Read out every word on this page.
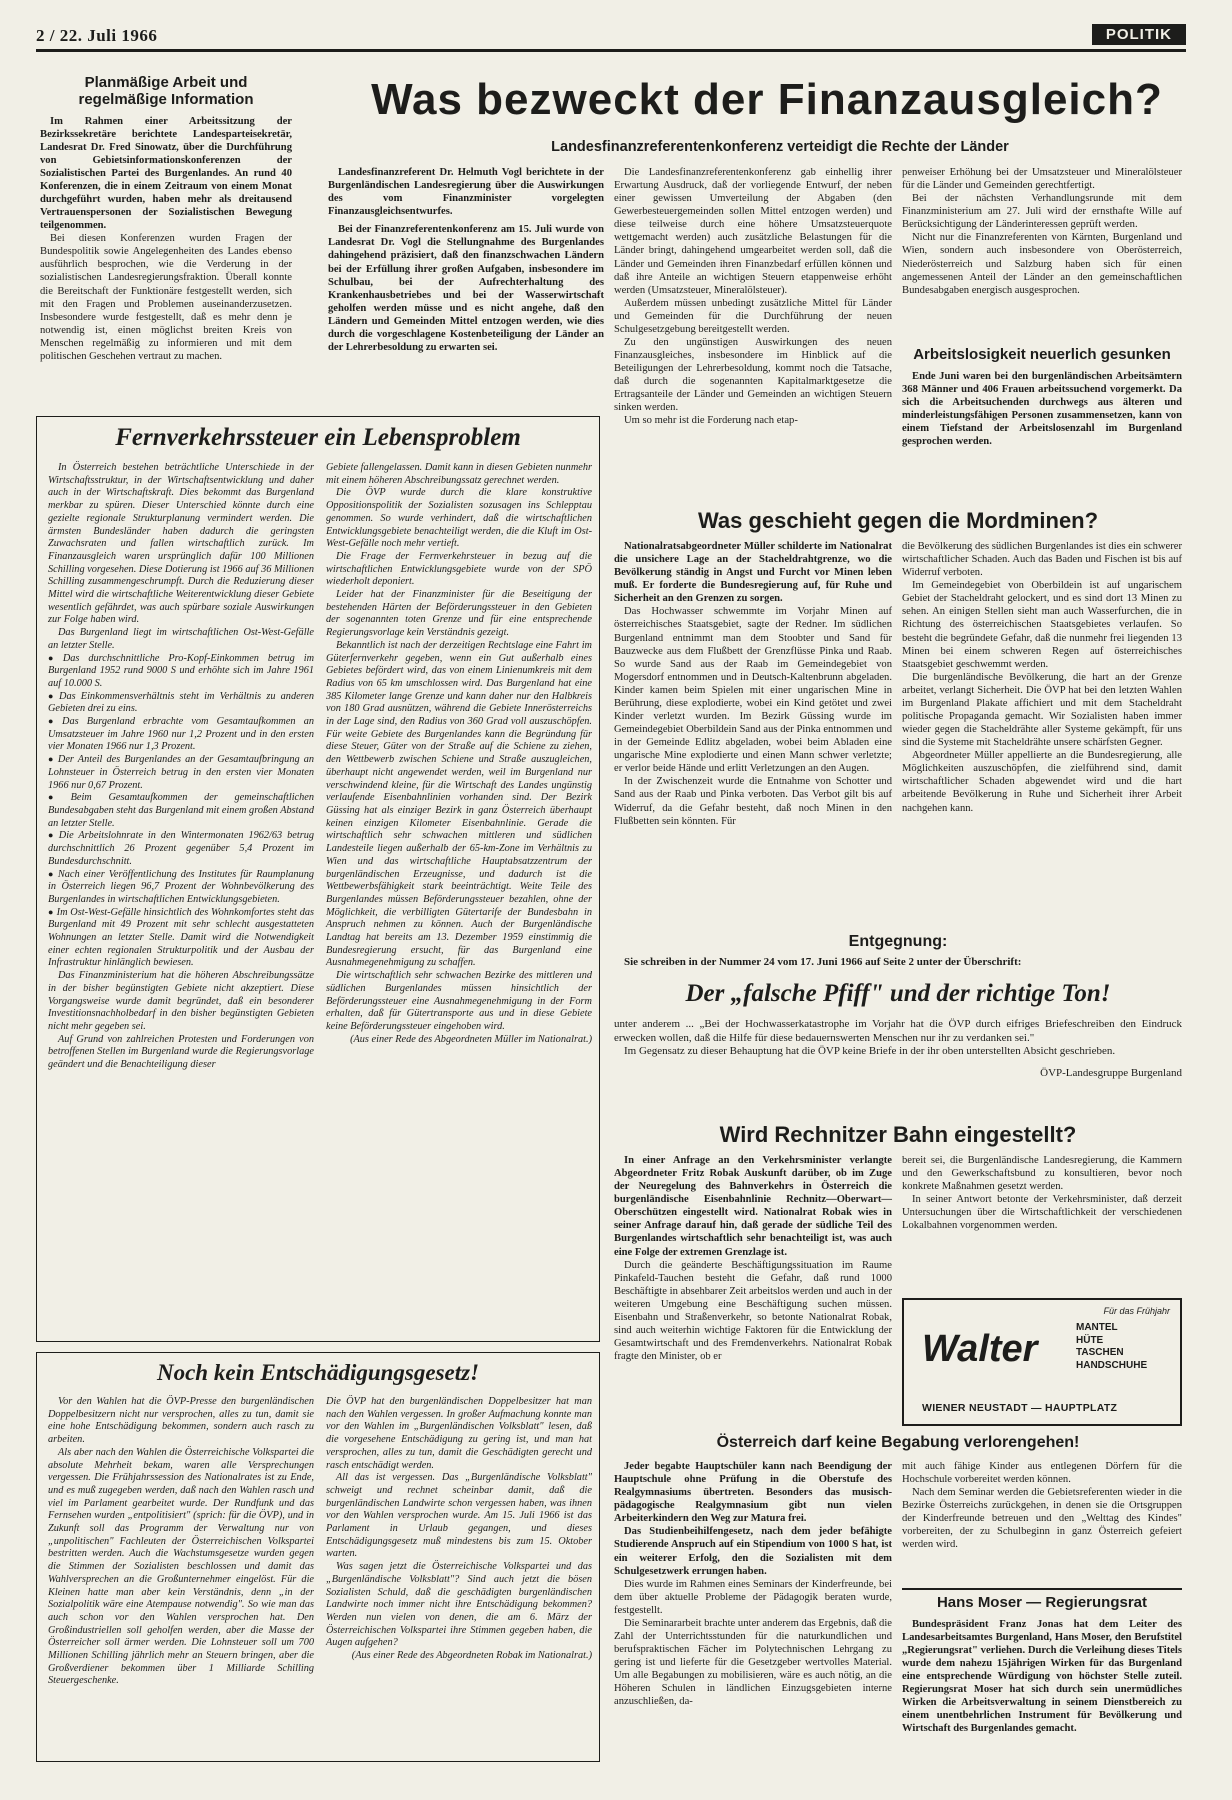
2 / 22. Juli 1966	POLITIK
Planmäßige Arbeit und regelmäßige Information

Im Rahmen einer Arbeitssitzung der Bezirkssekretäre berichtete Landesparteisekretär, Landesrat Dr. Fred Sinowatz, über die Durchführung von Gebietsinformationskonferenzen der Sozialistischen Partei des Burgenlandes. An rund 40 Konferenzen, die in einem Zeitraum von einem Monat durchgeführt wurden, haben mehr als dreitausend Vertrauenspersonen der Sozialistischen Bewegung teilgenommen.

Bei diesen Konferenzen wurden Fragen der Bundespolitik sowie Angelegenheiten des Landes ebenso ausführlich besprochen, wie die Verderung in der sozialistischen Landesregierungsfraktion. Überall konnte die Bereitschaft der Funktionäre festgestellt werden, sich mit den Fragen und Problemen auseinanderzusetzen. Insbesondere wurde festgestellt, daß es mehr denn je notwendig ist, einen möglichst breiten Kreis von Menschen regelmäßig zu informieren und mit dem politischen Geschehen vertraut zu machen.

Was bezweckt der Finanzausgleich?
Landesfinanzreferentenkonferenz verteidigt die Rechte der Länder

Landesfinanzreferent Dr. Helmuth Vogl berichtete in der Burgenländischen Landesregierung über die Auswirkungen des vom Finanzminister vorgelegten Finanzausgleichsentwurfes.

Bei der Finanzreferentenkonferenz am 15. Juli wurde von Landesrat Dr. Vogl die Stellungnahme des Burgenlandes dahingehend präzisiert, daß den finanzschwachen Ländern bei der Erfüllung ihrer großen Aufgaben, insbesondere im Schulbau, bei der Aufrechterhaltung des Krankenhausbetriebes und bei der Wasserwirtschaft geholfen werden müsse und es nicht angehe, daß den Ländern und Gemeinden Mittel entzogen werden, wie dies durch die vorgeschlagene Kostenbeteiligung der Länder an der Lehrerbesoldung zu erwarten sei.

Die Landesfinanzreferentenkonferenz gab einhellig ihrer Erwartung Ausdruck, daß der vorliegende Entwurf, der neben einer gewissen Umverteilung der Abgaben (den Gewerbesteuergemeinden sollen Mittel entzogen werden) und diese teilweise durch eine höhere Umsatzsteuerquote wettgemacht werden) auch zusätzliche Belastungen für die Länder bringt, dahingehend umgearbeitet werden soll, daß die Länder und Gemeinden ihren Finanzbedarf erfüllen können und daß ihre Anteile an wichtigen Steuern etappenweise erhöht werden (Umsatzsteuer, Mineralölsteuer).

Außerdem müssen unbedingt zusätzliche Mittel für Länder und Gemeinden für die Durchführung der neuen Schulgesetzgebung bereitgestellt werden.

Zu den ungünstigen Auswirkungen des neuen Finanzausgleiches, insbesondere im Hinblick auf die Beteiligungen der Lehrerbesoldung, kommt noch die Tatsache, daß durch die sogenannten Kapitalmarktgesetze die Ertragsanteile der Länder und Gemeinden an wichtigen Steuern sinken werden.

Um so mehr ist die Forderung nach etap-

penweiser Erhöhung bei der Umsatzsteuer und Mineralölsteuer für die Länder und Gemeinden gerechtfertigt.

Bei der nächsten Verhandlungsrunde mit dem Finanzministerium am 27. Juli wird der ernsthafte Wille auf Berücksichtigung der Länderinteressen geprüft werden.

Nicht nur die Finanzreferenten von Kärnten, Burgenland und Wien, sondern auch insbesondere von Oberösterreich, Niederösterreich und Salzburg haben sich für einen angemessenen Anteil der Länder an den gemeinschaftlichen Bundesabgaben energisch ausgesprochen.

Arbeitslosigkeit neuerlich gesunken

Ende Juni waren bei den burgenländischen Arbeitsämtern 368 Männer und 406 Frauen arbeitssuchend vorgemerkt. Da sich die Arbeitsuchenden durchwegs aus älteren und minderleistungsfähigen Personen zusammensetzen, kann von einem Tiefstand der Arbeitslosenzahl im Burgenland gesprochen werden.

Fernverkehrssteuer ein Lebensproblem

In Österreich bestehen beträchtliche Unterschiede in der Wirtschaftsstruktur, in der Wirtschaftsentwicklung und daher auch in der Wirtschaftskraft. Dies bekommt das Burgenland merkbar zu spüren. Dieser Unterschied könnte durch eine gezielte regionale Strukturplanung vermindert werden. Die ärmsten Bundesländer haben dadurch die geringsten Zuwachsraten und fallen wirtschaftlich zurück. Im Finanzausgleich waren ursprünglich dafür 100 Millionen Schilling vorgesehen. Diese Dotierung ist 1966 auf 36 Millionen Schilling zusammengeschrumpft. Durch die Reduzierung dieser Mittel wird die wirtschaftliche Weiterentwicklung dieser Gebiete wesentlich gefährdet, was auch spürbare soziale Auswirkungen zur Folge haben wird.

Das Burgenland liegt im wirtschaftlichen Ost-West-Gefälle an letzter Stelle.

● Das durchschnittliche Pro-Kopf-Einkommen betrug im Burgenland 1952 rund 9000 S und erhöhte sich im Jahre 1961 auf 10.000 S.
● Das Einkommensverhältnis steht im Verhältnis zu anderen Gebieten drei zu eins.
● Das Burgenland erbrachte vom Gesamtaufkommen an Umsatzsteuer im Jahre 1960 nur 1,2 Prozent und in den ersten vier Monaten 1966 nur 1,3 Prozent.
● Der Anteil des Burgenlandes an der Gesamtaufbringung an Lohnsteuer in Österreich betrug in den ersten vier Monaten 1966 nur 0,67 Prozent.
● Beim Gesamtaufkommen der gemeinschaftlichen Bundesabgaben steht das Burgenland mit einem großen Abstand an letzter Stelle.
● Die Arbeitslohnrate in den Wintermonaten 1962/63 betrug durchschnittlich 26 Prozent gegenüber 5,4 Prozent im Bundesdurchschnitt.
● Nach einer Veröffentlichung des Institutes für Raumplanung in Österreich liegen 96,7 Prozent der Wohnbevölkerung des Burgenlandes in wirtschaftlichen Entwicklungsgebieten.
● Im Ost-West-Gefälle hinsichtlich des Wohnkomfortes steht das Burgenland mit 49 Prozent mit sehr schlecht ausgestatteten Wohnungen an letzter Stelle. Damit wird die Notwendigkeit einer echten regionalen Strukturpolitik und der Ausbau der Infrastruktur hinlänglich bewiesen.

Das Finanzministerium hat die höheren Abschreibungssätze in der bisher begünstigten Gebiete nicht akzeptiert. Diese Vorgangsweise wurde damit begründet, daß ein besonderer Investitionsnachholbedarf in den bisher begünstigten Gebieten nicht mehr gegeben sei.

Auf Grund von zahlreichen Protesten und Forderungen von betroffenen Stellen im Burgenland wurde die Regierungsvorlage geändert und die Benachteiligung dieser

Gebiete fallengelassen. Damit kann in diesen Gebieten nunmehr mit einem höheren Abschreibungssatz gerechnet werden.

Die ÖVP wurde durch die klare konstruktive Oppositionspolitik der Sozialisten sozusagen ins Schlepptau genommen. So wurde verhindert, daß die wirtschaftlichen Entwicklungsgebiete benachteiligt werden, die die Kluft im Ost-West-Gefälle noch mehr vertieft.

Die Frage der Fernverkehrsteuer in bezug auf die wirtschaftlichen Entwicklungsgebiete wurde von der SPÖ wiederholt deponiert.

Leider hat der Finanzminister für die Beseitigung der bestehenden Härten der Beförderungssteuer in den Gebieten der sogenannten toten Grenze und für eine entsprechende Regierungsvorlage kein Verständnis gezeigt.

Bekanntlich ist nach der derzeitigen Rechtslage eine Fahrt im Güterfernverkehr gegeben, wenn ein Gut außerhalb eines Gebietes befördert wird, das von einem Linienumkreis mit dem Radius von 65 km umschlossen wird. Das Burgenland hat eine 385 Kilometer lange Grenze und kann daher nur den Halbkreis von 180 Grad ausnützen, während die Gebiete Innerösterreichs in der Lage sind, den Radius von 360 Grad voll auszuschöpfen. Für weite Gebiete des Burgenlandes kann die Begründung für diese Steuer, Güter von der Straße auf die Schiene zu ziehen, den Wettbewerb zwischen Schiene und Straße auszugleichen, überhaupt nicht angewendet werden, weil im Burgenland nur verschwindend kleine, für die Wirtschaft des Landes ungünstig verlaufende Eisenbahnlinien vorhanden sind. Der Bezirk Güssing hat als einziger Bezirk in ganz Österreich überhaupt keinen einzigen Kilometer Eisenbahnlinie. Gerade die wirtschaftlich sehr schwachen mittleren und südlichen Landesteile liegen außerhalb der 65-km-Zone im Verhältnis zu Wien und das wirtschaftliche Hauptabsatzzentrum der burgenländischen Erzeugnisse, und dadurch ist die Wettbewerbsfähigkeit stark beeinträchtigt. Weite Teile des Burgenlandes müssen Beförderungssteuer bezahlen, ohne der Möglichkeit, die verbilligten Gütertarife der Bundesbahn in Anspruch nehmen zu können. Auch der Burgenländische Landtag hat bereits am 13. Dezember 1959 einstimmig die Bundesregierung ersucht, für das Burgenland eine Ausnahmegenehmigung zu schaffen.

Die wirtschaftlich sehr schwachen Bezirke des mittleren und südlichen Burgenlandes müssen hinsichtlich der Beförderungssteuer eine Ausnahmegenehmigung in der Form erhalten, daß für Gütertransporte aus und in diese Gebiete keine Beförderungssteuer eingehoben wird.

(Aus einer Rede des Abgeordneten Müller im Nationalrat.)

Was geschieht gegen die Mordminen?

Nationalratsabgeordneter Müller schilderte im Nationalrat die unsichere Lage an der Stacheldrahtgrenze, wo die Bevölkerung ständig in Angst und Furcht vor Minen leben muß. Er forderte die Bundesregierung auf, für Ruhe und Sicherheit an den Grenzen zu sorgen.

Das Hochwasser schwemmte im Vorjahr Minen auf österreichisches Staatsgebiet, sagte der Redner. Im südlichen Burgenland entnimmt man dem Stoobter und Sand für Bauzwecke aus dem Flußbett der Grenzflüsse Pinka und Raab. So wurde Sand aus der Raab im Gemeindegebiet von Mogersdorf entnommen und in Deutsch-Kaltenbrunn abgeladen. Kinder kamen beim Spielen mit einer ungarischen Mine in Berührung, diese explodierte, wobei ein Kind getötet und zwei Kinder verletzt wurden. Im Bezirk Güssing wurde im Gemeindegebiet Oberbildein Sand aus der Pinka entnommen und in der Gemeinde Edlitz abgeladen, wobei beim Abladen eine ungarische Mine explodierte und einen Mann schwer verletzte; er verlor beide Hände und erlitt Verletzungen an den Augen.

In der Zwischenzeit wurde die Entnahme von Schotter und Sand aus der Raab und Pinka verboten. Das Verbot gilt bis auf Widerruf, da die Gefahr besteht, daß noch Minen in den Flußbetten sein könnten. Für

die Bevölkerung des südlichen Burgenlandes ist dies ein schwerer wirtschaftlicher Schaden. Auch das Baden und Fischen ist bis auf Widerruf verboten.

Im Gemeindegebiet von Oberbildein ist auf ungarischem Gebiet der Stacheldraht gelockert, und es sind dort 13 Minen zu sehen. An einigen Stellen sieht man auch Wasserfurchen, die in Richtung des österreichischen Staatsgebietes verlaufen. So besteht die begründete Gefahr, daß die nunmehr frei liegenden 13 Minen bei einem schweren Regen auf österreichisches Staatsgebiet geschwemmt werden.

Die burgenländische Bevölkerung, die hart an der Grenze arbeitet, verlangt Sicherheit. Die ÖVP hat bei den letzten Wahlen im Burgenland Plakate affichiert und mit dem Stacheldraht politische Propaganda gemacht. Wir Sozialisten haben immer wieder gegen die Stacheldrähte aller Systeme gekämpft, für uns sind die Systeme mit Stacheldrähte unsere schärfsten Gegner.

Abgeordneter Müller appellierte an die Bundesregierung, alle Möglichkeiten auszuschöpfen, die zielführend sind, damit wirtschaftlicher Schaden abgewendet wird und die hart arbeitende Bevölkerung in Ruhe und Sicherheit ihrer Arbeit nachgehen kann.

Entgegnung:

Sie schreiben in der Nummer 24 vom 17. Juni 1966 auf Seite 2 unter der Überschrift:

Der „falsche Pfiff" und der richtige Ton!

unter anderem ... „Bei der Hochwasserkatastrophe im Vorjahr hat die ÖVP durch eifriges Briefeschreiben den Eindruck erwecken wollen, daß die Hilfe für diese bedauernswerten Menschen nur ihr zu verdanken sei."

Im Gegensatz zu dieser Behauptung hat die ÖVP keine Briefe in der ihr oben unterstellten Absicht geschrieben.

ÖVP-Landesgruppe Burgenland

Wird Rechnitzer Bahn eingestellt?

In einer Anfrage an den Verkehrsminister verlangte Abgeordneter Fritz Robak Auskunft darüber, ob im Zuge der Neuregelung des Bahnverkehrs in Österreich die burgenländische Eisenbahnlinie Rechnitz—Oberwart—Oberschützen eingestellt wird. Nationalrat Robak wies in seiner Anfrage darauf hin, daß gerade der südliche Teil des Burgenlandes wirtschaftlich sehr benachteiligt ist, was auch eine Folge der extremen Grenzlage ist.

Durch die geänderte Beschäftigungssituation im Raume Pinkafeld-Tauchen besteht die Gefahr, daß rund 1000 Beschäftigte in absehbarer Zeit arbeitslos werden und auch in der weiteren Umgebung eine Beschäftigung suchen müssen. Eisenbahn und Straßenverkehr, so betonte Nationalrat Robak, sind auch weiterhin wichtige Faktoren für die Entwicklung der Gesamtwirtschaft und des Fremdenverkehrs. Nationalrat Robak fragte den Minister, ob er

bereit sei, die Burgenländische Landesregierung, die Kammern und den Gewerkschaftsbund zu konsultieren, bevor noch konkrete Maßnahmen gesetzt werden.

In seiner Antwort betonte der Verkehrsminister, daß derzeit Untersuchungen über die Wirtschaftlichkeit der verschiedenen Lokalbahnen vorgenommen werden.

Für das Frühjahr
Walter
MANTEL
HÜTE
TASCHEN
HANDSCHUHE
WIENER NEUSTADT — HAUPTPLATZ
Noch kein Entschädigungsgesetz!

Vor den Wahlen hat die ÖVP-Presse den burgenländischen Doppelbesitzern nicht nur versprochen, alles zu tun, damit sie eine hohe Entschädigung bekommen, sondern auch rasch zu arbeiten.

Als aber nach den Wahlen die Österreichische Volkspartei die absolute Mehrheit bekam, waren alle Versprechungen vergessen. Die Frühjahrssession des Nationalrates ist zu Ende, und es muß zugegeben werden, daß nach den Wahlen rasch und viel im Parlament gearbeitet wurde. Der Rundfunk und das Fernsehen wurden „entpolitisiert" (sprich: für die ÖVP), und in Zukunft soll das Programm der Verwaltung nur von „unpolitischen" Fachleuten der Österreichischen Volkspartei bestritten werden. Auch die Wachstumsgesetze wurden gegen die Stimmen der Sozialisten beschlossen und damit das Wahlversprechen an die Großunternehmer eingelöst. Für die Kleinen hatte man aber kein Verständnis, denn „in der Sozialpolitik wäre eine Atempause notwendig". So wie man das auch schon vor den Wahlen versprochen hat. Den Großindustriellen soll geholfen werden, aber die Masse der Österreicher soll ärmer werden. Die Lohnsteuer soll um 700 Millionen Schilling jährlich mehr an Steuern bringen, aber die Großverdiener bekommen über 1 Milliarde Schilling Steuergeschenke.

Die ÖVP hat den burgenländischen Doppelbesitzer hat man nach den Wahlen vergessen. In großer Aufmachung konnte man vor den Wahlen im „Burgenländischen Volksblatt" lesen, daß die vorgesehene Entschädigung zu gering ist, und man hat versprochen, alles zu tun, damit die Geschädigten gerecht und rasch entschädigt werden.

All das ist vergessen. Das „Burgenländische Volksblatt" schweigt und rechnet scheinbar damit, daß die burgenländischen Landwirte schon vergessen haben, was ihnen vor den Wahlen versprochen wurde. Am 15. Juli 1966 ist das Parlament in Urlaub gegangen, und dieses Entschädigungsgesetz muß mindestens bis zum 15. Oktober warten.

Was sagen jetzt die Österreichische Volkspartei und das „Burgenländische Volksblatt"? Sind auch jetzt die bösen Sozialisten Schuld, daß die geschädigten burgenländischen Landwirte noch immer nicht ihre Entschädigung bekommen? Werden nun vielen von denen, die am 6. März der Österreichischen Volkspartei ihre Stimmen gegeben haben, die Augen aufgehen?

(Aus einer Rede des Abgeordneten Robak im Nationalrat.)

Österreich darf keine Begabung verlorengehen!

Jeder begabte Hauptschüler kann nach Beendigung der Hauptschule ohne Prüfung in die Oberstufe des Realgymnasiums übertreten. Besonders das musisch-pädagogische Realgymnasium gibt nun vielen Arbeiterkindern den Weg zur Matura frei.

Das Studienbeihilfengesetz, nach dem jeder befähigte Studierende Anspruch auf ein Stipendium von 1000 S hat, ist ein weiterer Erfolg, den die Sozialisten mit dem Schulgesetzwerk errungen haben.

Dies wurde im Rahmen eines Seminars der Kinderfreunde, bei dem über aktuelle Probleme der Pädagogik beraten wurde, festgestellt.

Die Seminararbeit brachte unter anderem das Ergebnis, daß die Zahl der Unterrichtsstunden für die naturkundlichen und berufspraktischen Fächer im Polytechnischen Lehrgang zu gering ist und lieferte für die Gesetzgeber wertvolles Material. Um alle Begabungen zu mobilisieren, wäre es auch nötig, an die Höheren Schulen in ländlichen Einzugsgebieten interne anzuschließen, da-

mit auch fähige Kinder aus entlegenen Dörfern für die Hochschule vorbereitet werden können.

Nach dem Seminar werden die Gebietsreferenten wieder in die Bezirke Österreichs zurückgehen, in denen sie die Ortsgruppen der Kinderfreunde betreuen und den „Welttag des Kindes" vorbereiten, der zu Schulbeginn in ganz Österreich gefeiert werden wird.

Hans Moser — Regierungsrat

Bundespräsident Franz Jonas hat dem Leiter des Landesarbeitsamtes Burgenland, Hans Moser, den Berufstitel „Regierungsrat" verliehen. Durch die Verleihung dieses Titels wurde dem nahezu 15jährigen Wirken für das Burgenland eine entsprechende Würdigung von höchster Stelle zuteil. Regierungsrat Moser hat sich durch sein unermüdliches Wirken die Arbeitsverwaltung in seinem Dienstbereich zu einem unentbehrlichen Instrument für Bevölkerung und Wirtschaft des Burgenlandes gemacht.
